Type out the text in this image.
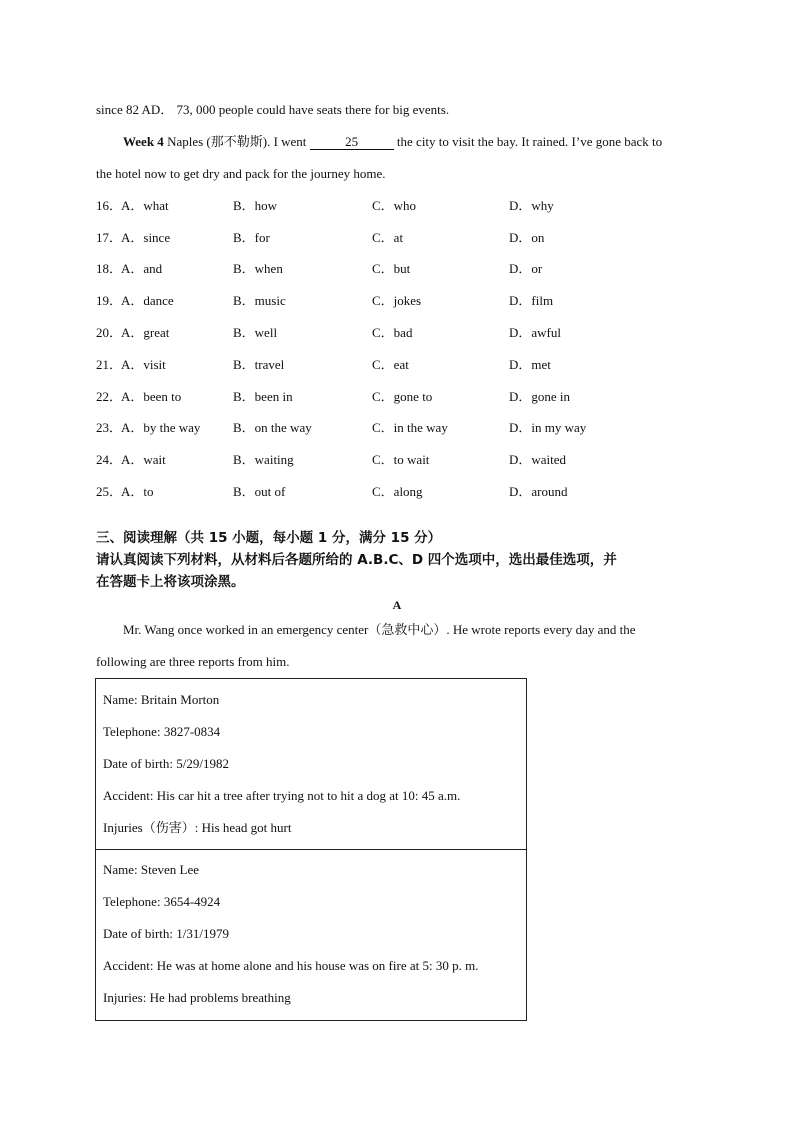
since 82 AD． 73, 000 people could have seats there for big events.
Week 4 Naples (那不勒斯). I went	25	the city to visit the bay. It rained. I’ve gone back to
the hotel now to get dry and pack for the journey home.
16．
A．what	B．how	C．who	D．why
17．
A．since	B．for	C．at	D．on
18．
A．and	B．when	C．but	D．or
19．
A．dance	B．music	C．jokes	D．film
20．
A．great	B．well	C．bad	D．awful
21．
A．visit	B．travel	C．eat	D．met
22．
A．been to	B．been in	C．gone to	D．gone in
23．
A．by the way	B．on the way	C．in the way	D．in my way
24．
A．wait	B．waiting	C．to wait	D．waited
25．
A．to	B．out of	C．along	D．around
三、阅读理解（共 15 小题，每小题 1 分，满分 15 分）
请认真阅读下列材料，从材料后各题所给的 A.B.C、D 四个选项中，选出最佳选项，并
在答题卡上将该项涂黑。
A
Mr. Wang once worked in an emergency center（急救中心）. He wrote reports every day and the
following are three reports from him.
Name: Britain Morton
Telephone: 3827-0834
Date of birth: 5/29/1982
Accident: His car hit a tree after trying not to hit a dog at 10: 45 a.m.
Injuries（伤害）: His head got hurt
Name: Steven Lee
Telephone: 3654-4924
Date of birth: 1/31/1979
Accident: He was at home alone and his house was on fire at 5: 30 p. m.
Injuries: He had problems breathing
